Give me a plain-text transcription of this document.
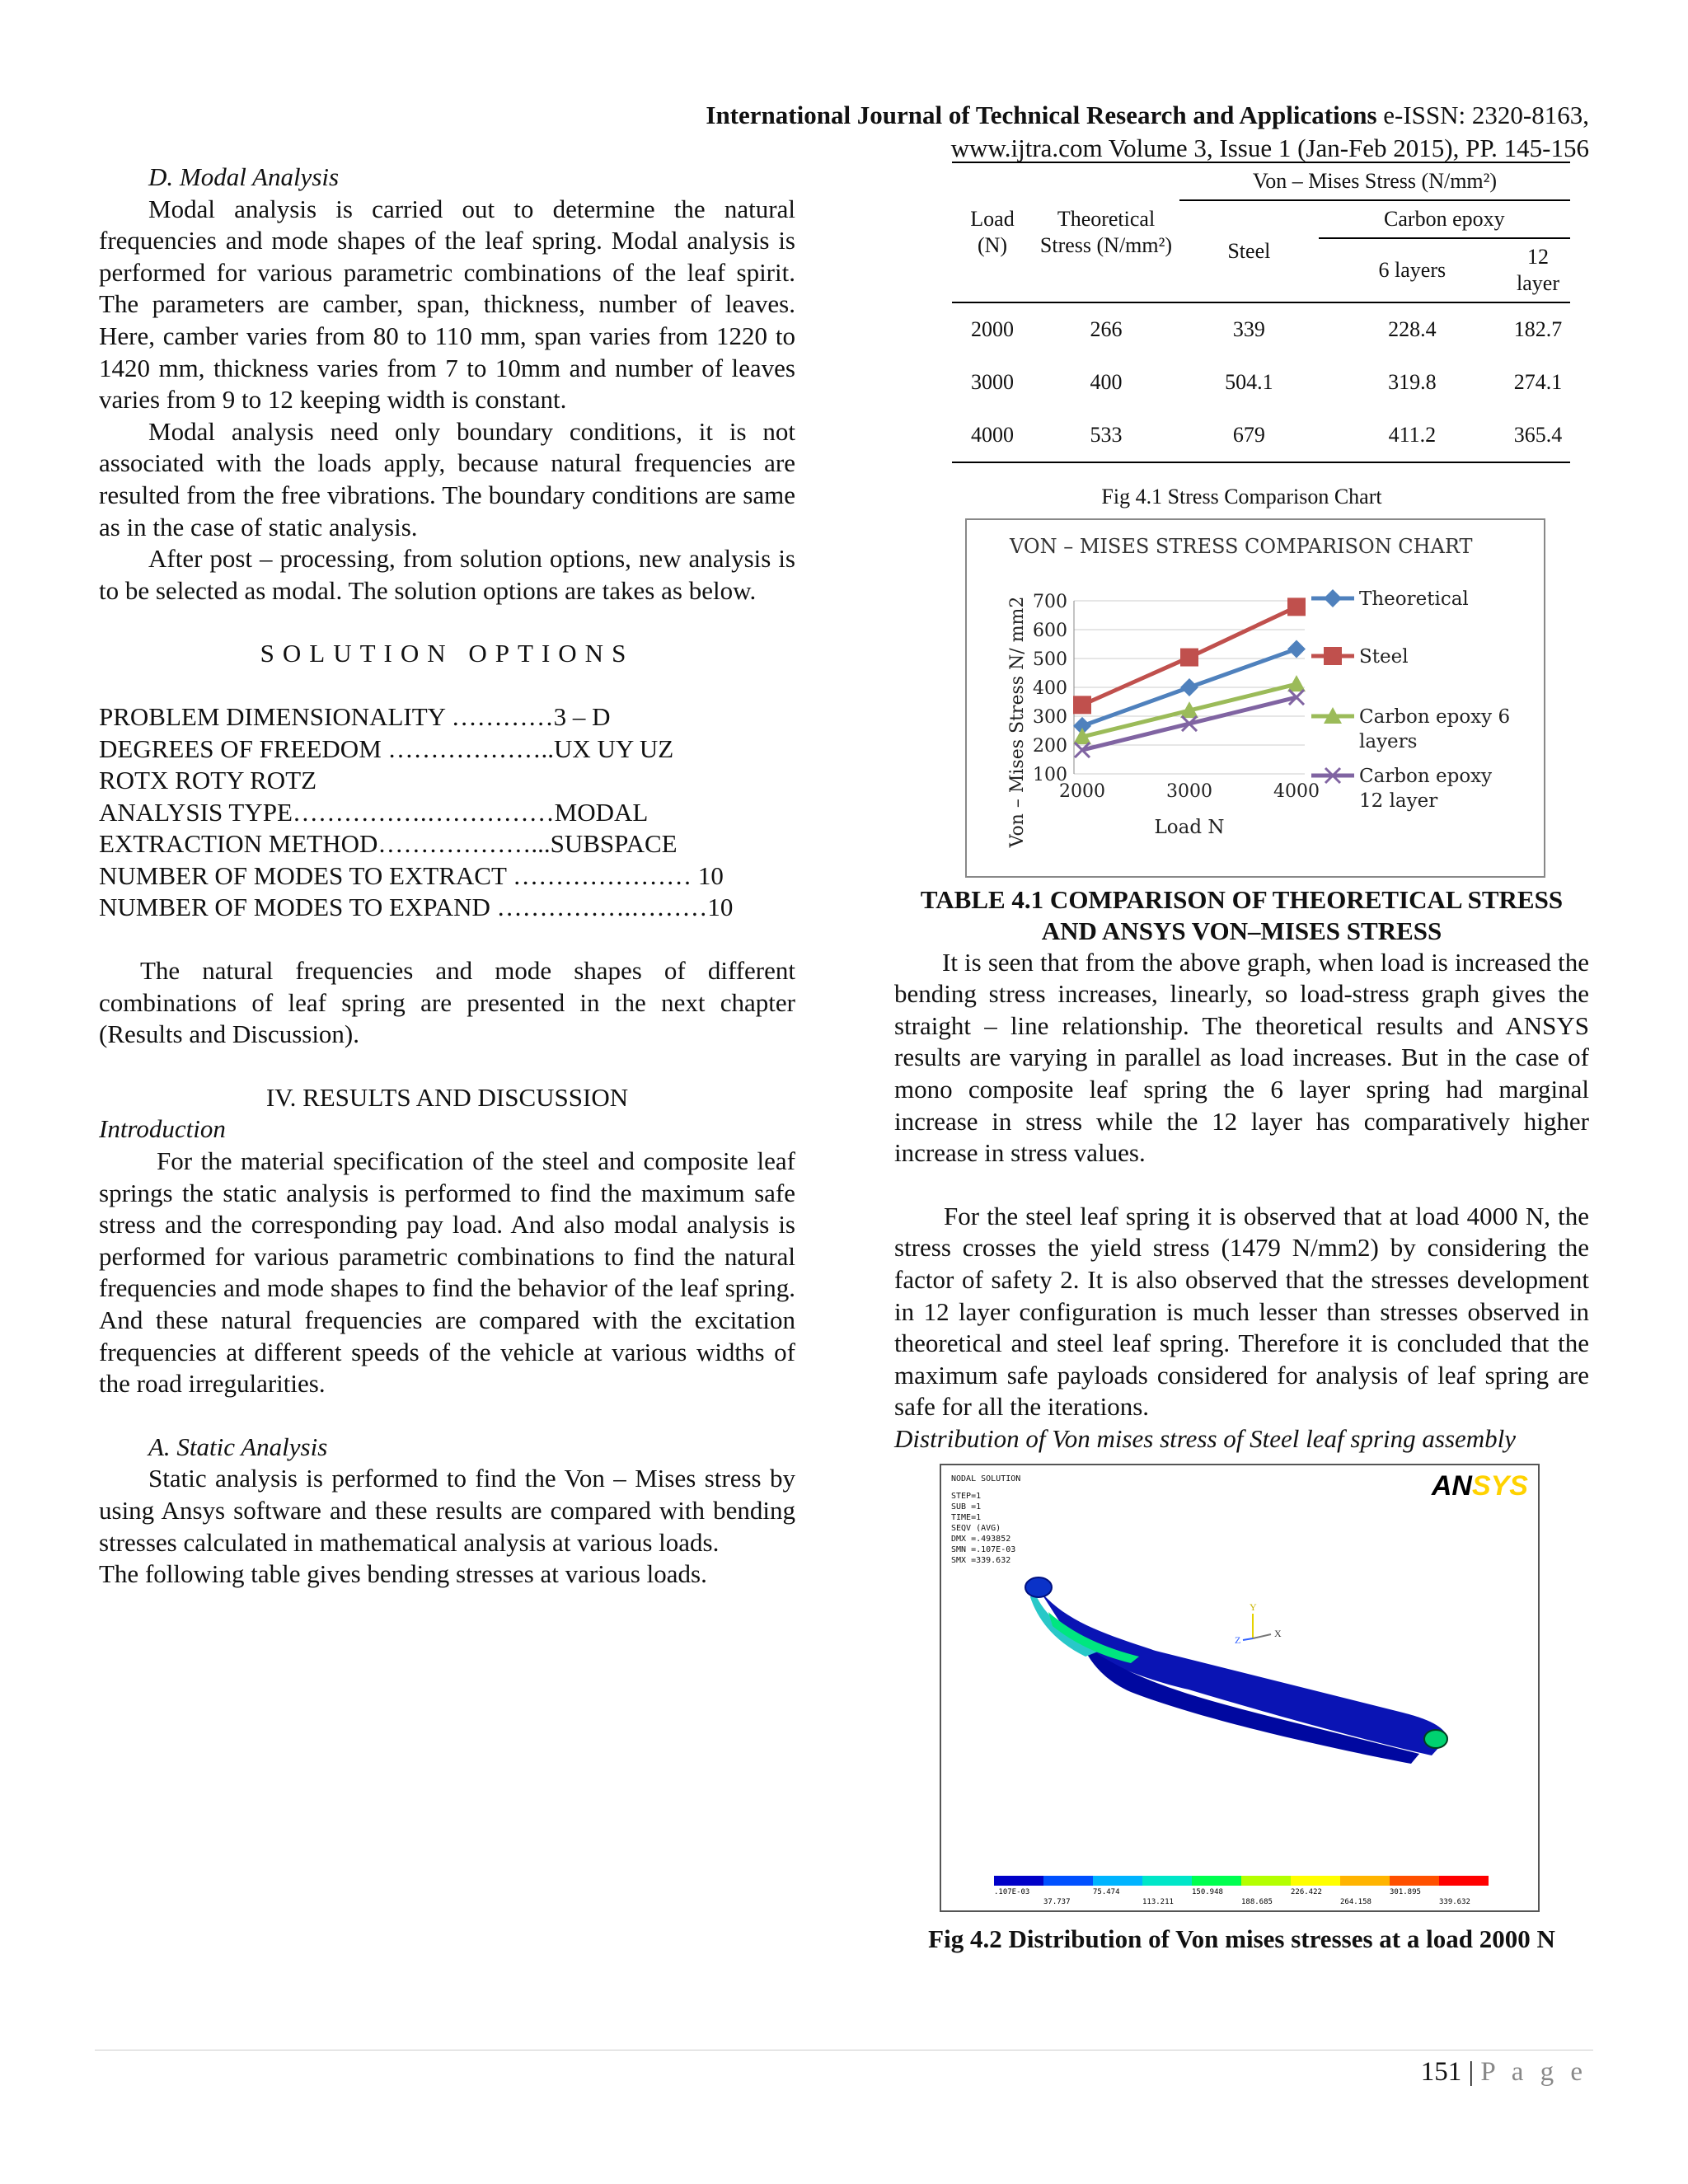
International Journal of Technical Research and Applications e-ISSN: 2320-8163,
www.ijtra.com Volume 3, Issue 1 (Jan-Feb 2015), PP. 145-156

D. Modal Analysis

Modal analysis is carried out to determine the natural frequencies and mode shapes of the leaf spring. Modal analysis is performed for various parametric combinations of the leaf spirit. The parameters are camber, span, thickness, number of leaves. Here, camber varies from 80 to 110 mm, span varies from 1220 to 1420 mm, thickness varies from 7 to 10mm and number of leaves varies from 9 to 12 keeping width is constant.

Modal analysis need only boundary conditions, it is not associated with the loads apply, because natural frequencies are resulted from the free vibrations. The boundary conditions are same as in the case of static analysis.

After post – processing, from solution options, new analysis is to be selected as modal. The solution options are takes as below.

SOLUTION OPTIONS

PROBLEM DIMENSIONALITY …………3 – D

DEGREES OF FREEDOM ………………..UX UY UZ

ROTX ROTY ROTZ

ANALYSIS TYPE…………….……………MODAL

EXTRACTION METHOD………………...SUBSPACE

NUMBER OF MODES TO EXTRACT ………………… 10

NUMBER OF MODES TO EXPAND …………….………10

The natural frequencies and mode shapes of different combinations of leaf spring are presented in the next chapter (Results and Discussion).

IV. RESULTS AND DISCUSSION

Introduction

For the material specification of the steel and composite leaf springs the static analysis is performed to find the maximum safe stress and the corresponding pay load. And also modal analysis is performed for various parametric combinations to find the natural frequencies and mode shapes to find the behavior of the leaf spring. And these natural frequencies are compared with the excitation frequencies at different speeds of the vehicle at various widths of the road irregularities.

A. Static Analysis

Static analysis is performed to find the Von – Mises stress by using Ansys software and these results are compared with bending stresses calculated in mathematical analysis at various loads.

The following table gives bending stresses at various loads.

Load (N)	Theoretical Stress (N/mm²)	Von – Mises Stress (N/mm²)		
		Steel	Carbon epoxy	
			6 layers	12 layer
2000	266	339	228.4	182.7
3000	400	504.1	319.8	274.1
4000	533	679	411.2	365.4
Fig 4.1 Stress Comparison Chart
VON – MISES STRESS COMPARISON CHART
100
200
300
400
500
600
700
2000	3000	4000
Load N
Von – Mises Stress N/ mm2	Theoretical
Steel
Carbon epoxy 6
layers
Carbon epoxy
12 layer
TABLE 4.1 COMPARISON OF THEORETICAL STRESS AND ANSYS VON–MISES STRESS

It is seen that from the above graph, when load is increased the bending stress increases, linearly, so load-stress graph gives the straight – line relationship. The theoretical results and ANSYS results are varying in parallel as load increases. But in the case of mono composite leaf spring the 6 layer spring had marginal increase in stress while the 12 layer has comparatively higher increase in stress values.

For the steel leaf spring it is observed that at load 4000 N, the stress crosses the yield stress (1479 N/mm2) by considering the factor of safety 2. It is also observed that the stresses development in 12 layer configuration is much lesser than stresses observed in theoretical and steel leaf spring. Therefore it is concluded that the maximum safe payloads considered for analysis of leaf spring are safe for all the iterations.

Distribution of Von mises stress of Steel leaf spring assembly

NODAL SOLUTION
STEP=1
SUB =1
TIME=1
SEQV (AVG)
DMX =.493852
SMN =.107E-03
SMX =339.632
ANSYS
Y
X
Z
.107E-03	75.474	150.948	226.422	301.895
37.737	113.211	188.685	264.158	339.632
Fig 4.2 Distribution of Von mises stresses at a load 2000 N
151 | P a g e
